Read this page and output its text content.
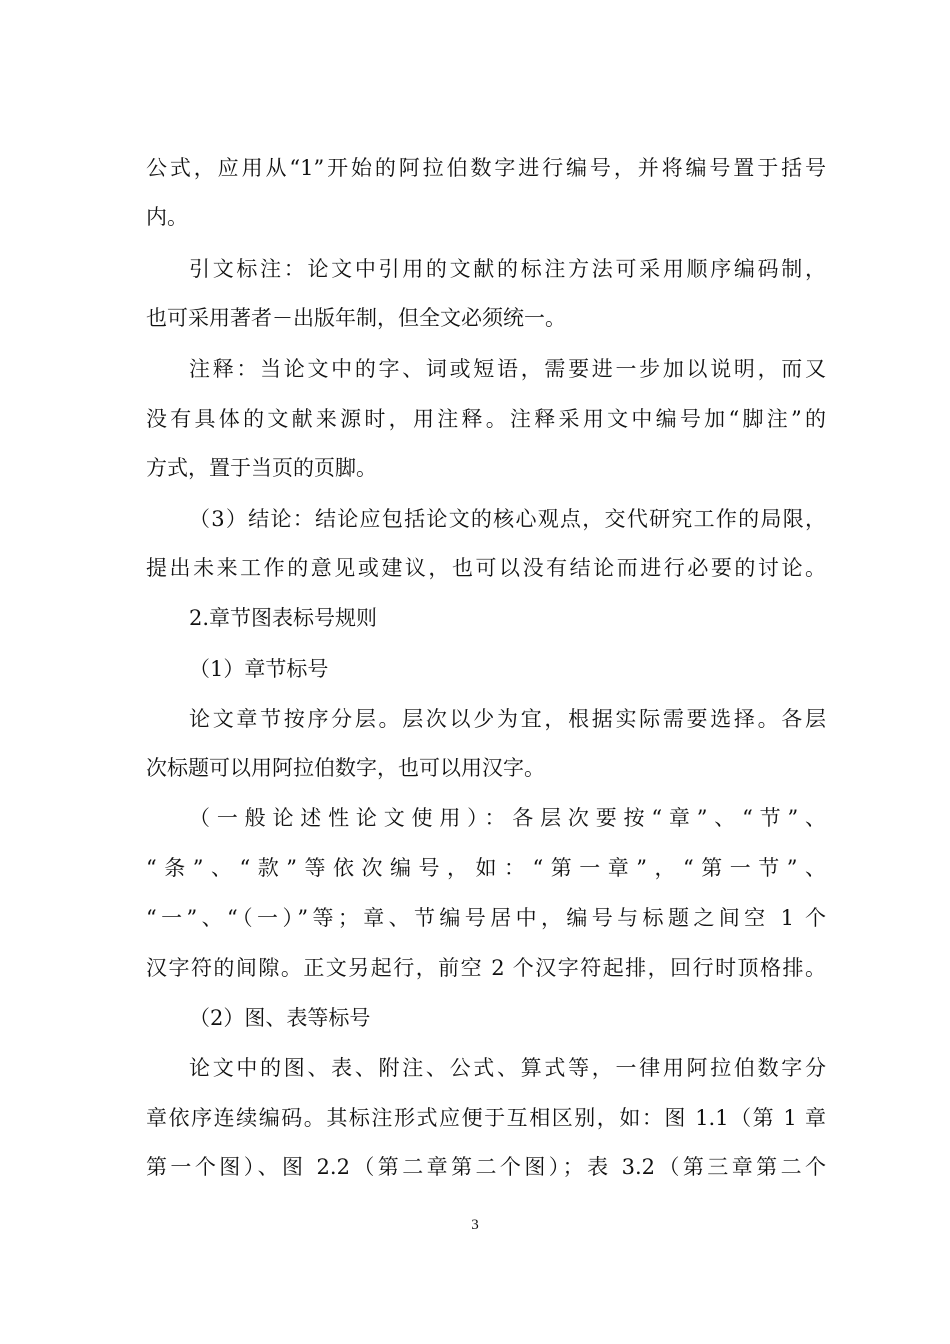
公式，应用从“1”开始的阿拉伯数字进行编号，并将编号置于括号

内。

引文标注：论文中引用的文献的标注方法可采用顺序编码制，

也可采用著者－出版年制，但全文必须统一。

注释：当论文中的字、词或短语，需要进一步加以说明，而又

没有具体的文献来源时，用注释。注释采用文中编号加“脚注”的

方式，置于当页的页脚。

（3）结论：结论应包括论文的核心观点，交代研究工作的局限，

提出未来工作的意见或建议，也可以没有结论而进行必要的讨论。

2.章节图表标号规则

（1）章节标号

论文章节按序分层。层次以少为宜，根据实际需要选择。各层

次标题可以用阿拉伯数字，也可以用汉字。

（一般论述性论文使用）：各层次要按“章”、“节”、

“条”、“款”等依次编号，如：“第一章”，“第一节”、

“一”、“（一）”等；章、节编号居中，编号与标题之间空 1 个

汉字符的间隙。正文另起行，前空 2 个汉字符起排，回行时顶格排。

（2）图、表等标号

论文中的图、表、附注、公式、算式等，一律用阿拉伯数字分

章依序连续编码。其标注形式应便于互相区别，如：图 1.1（第 1 章

第一个图）、图 2.2（第二章第二个图）；表 3.2（第三章第二个

3
